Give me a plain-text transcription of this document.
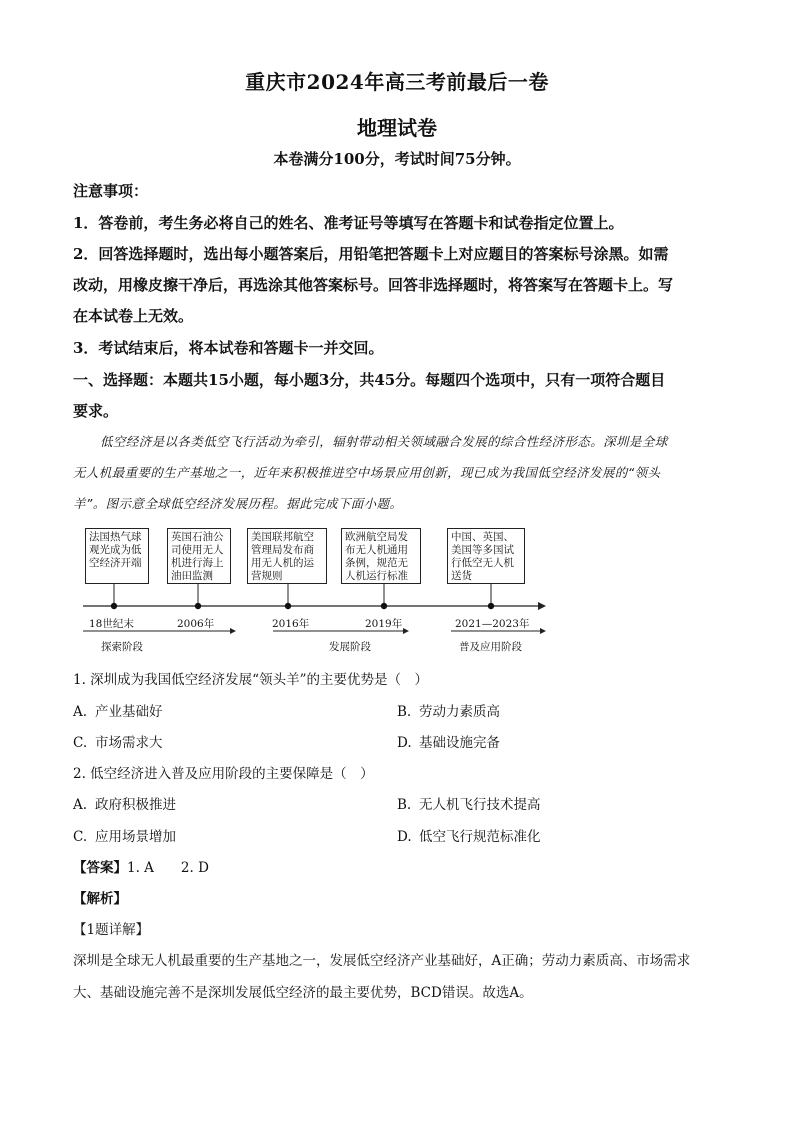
重庆市2024年高三考前最后一卷
地理试卷
本卷满分100分，考试时间75分钟。
注意事项：
1．答卷前，考生务必将自己的姓名、准考证号等填写在答题卡和试卷指定位置上。
2．回答选择题时，选出每小题答案后，用铅笔把答题卡上对应题目的答案标号涂黑。如需
改动，用橡皮擦干净后，再选涂其他答案标号。回答非选择题时，将答案写在答题卡上。写
在本试卷上无效。
3．考试结束后，将本试卷和答题卡一并交回。
一、选择题：本题共15小题，每小题3分，共45分。每题四个选项中，只有一项符合题目
要求。
低空经济是以各类低空飞行活动为牵引，辐射带动相关领域融合发展的综合性经济形态。深圳是全球
无人机最重要的生产基地之一，近年来积极推进空中场景应用创新，现已成为我国低空经济发展的“领头
羊”。图示意全球低空经济发展历程。据此完成下面小题。
法国热气球观光成为低空经济开端
英国石油公司使用无人机进行海上油田监测
美国联邦航空管理局发布商用无人机的运营规则
欧洲航空局发布无人机通用条例，规范无人机运行标准
中国、英国、美国等多国试行低空无人机送货
18世纪末	2006年	2016年	2019年	2021—2023年
探索阶段	发展阶段	普及应用阶段
1. 深圳成为我国低空经济发展“领头羊”的主要优势是（　）
A. 产业基础好	B. 劳动力素质高
C. 市场需求大	D. 基础设施完备
2. 低空经济进入普及应用阶段的主要保障是（　）
A. 政府积极推进	B. 无人机飞行技术提高
C. 应用场景增加	D. 低空飞行规范标准化
【答案】1. A　　2. D
【解析】
【1题详解】
深圳是全球无人机最重要的生产基地之一，发展低空经济产业基础好，A正确；劳动力素质高、市场需求
大、基础设施完善不是深圳发展低空经济的最主要优势，BCD错误。故选A。
